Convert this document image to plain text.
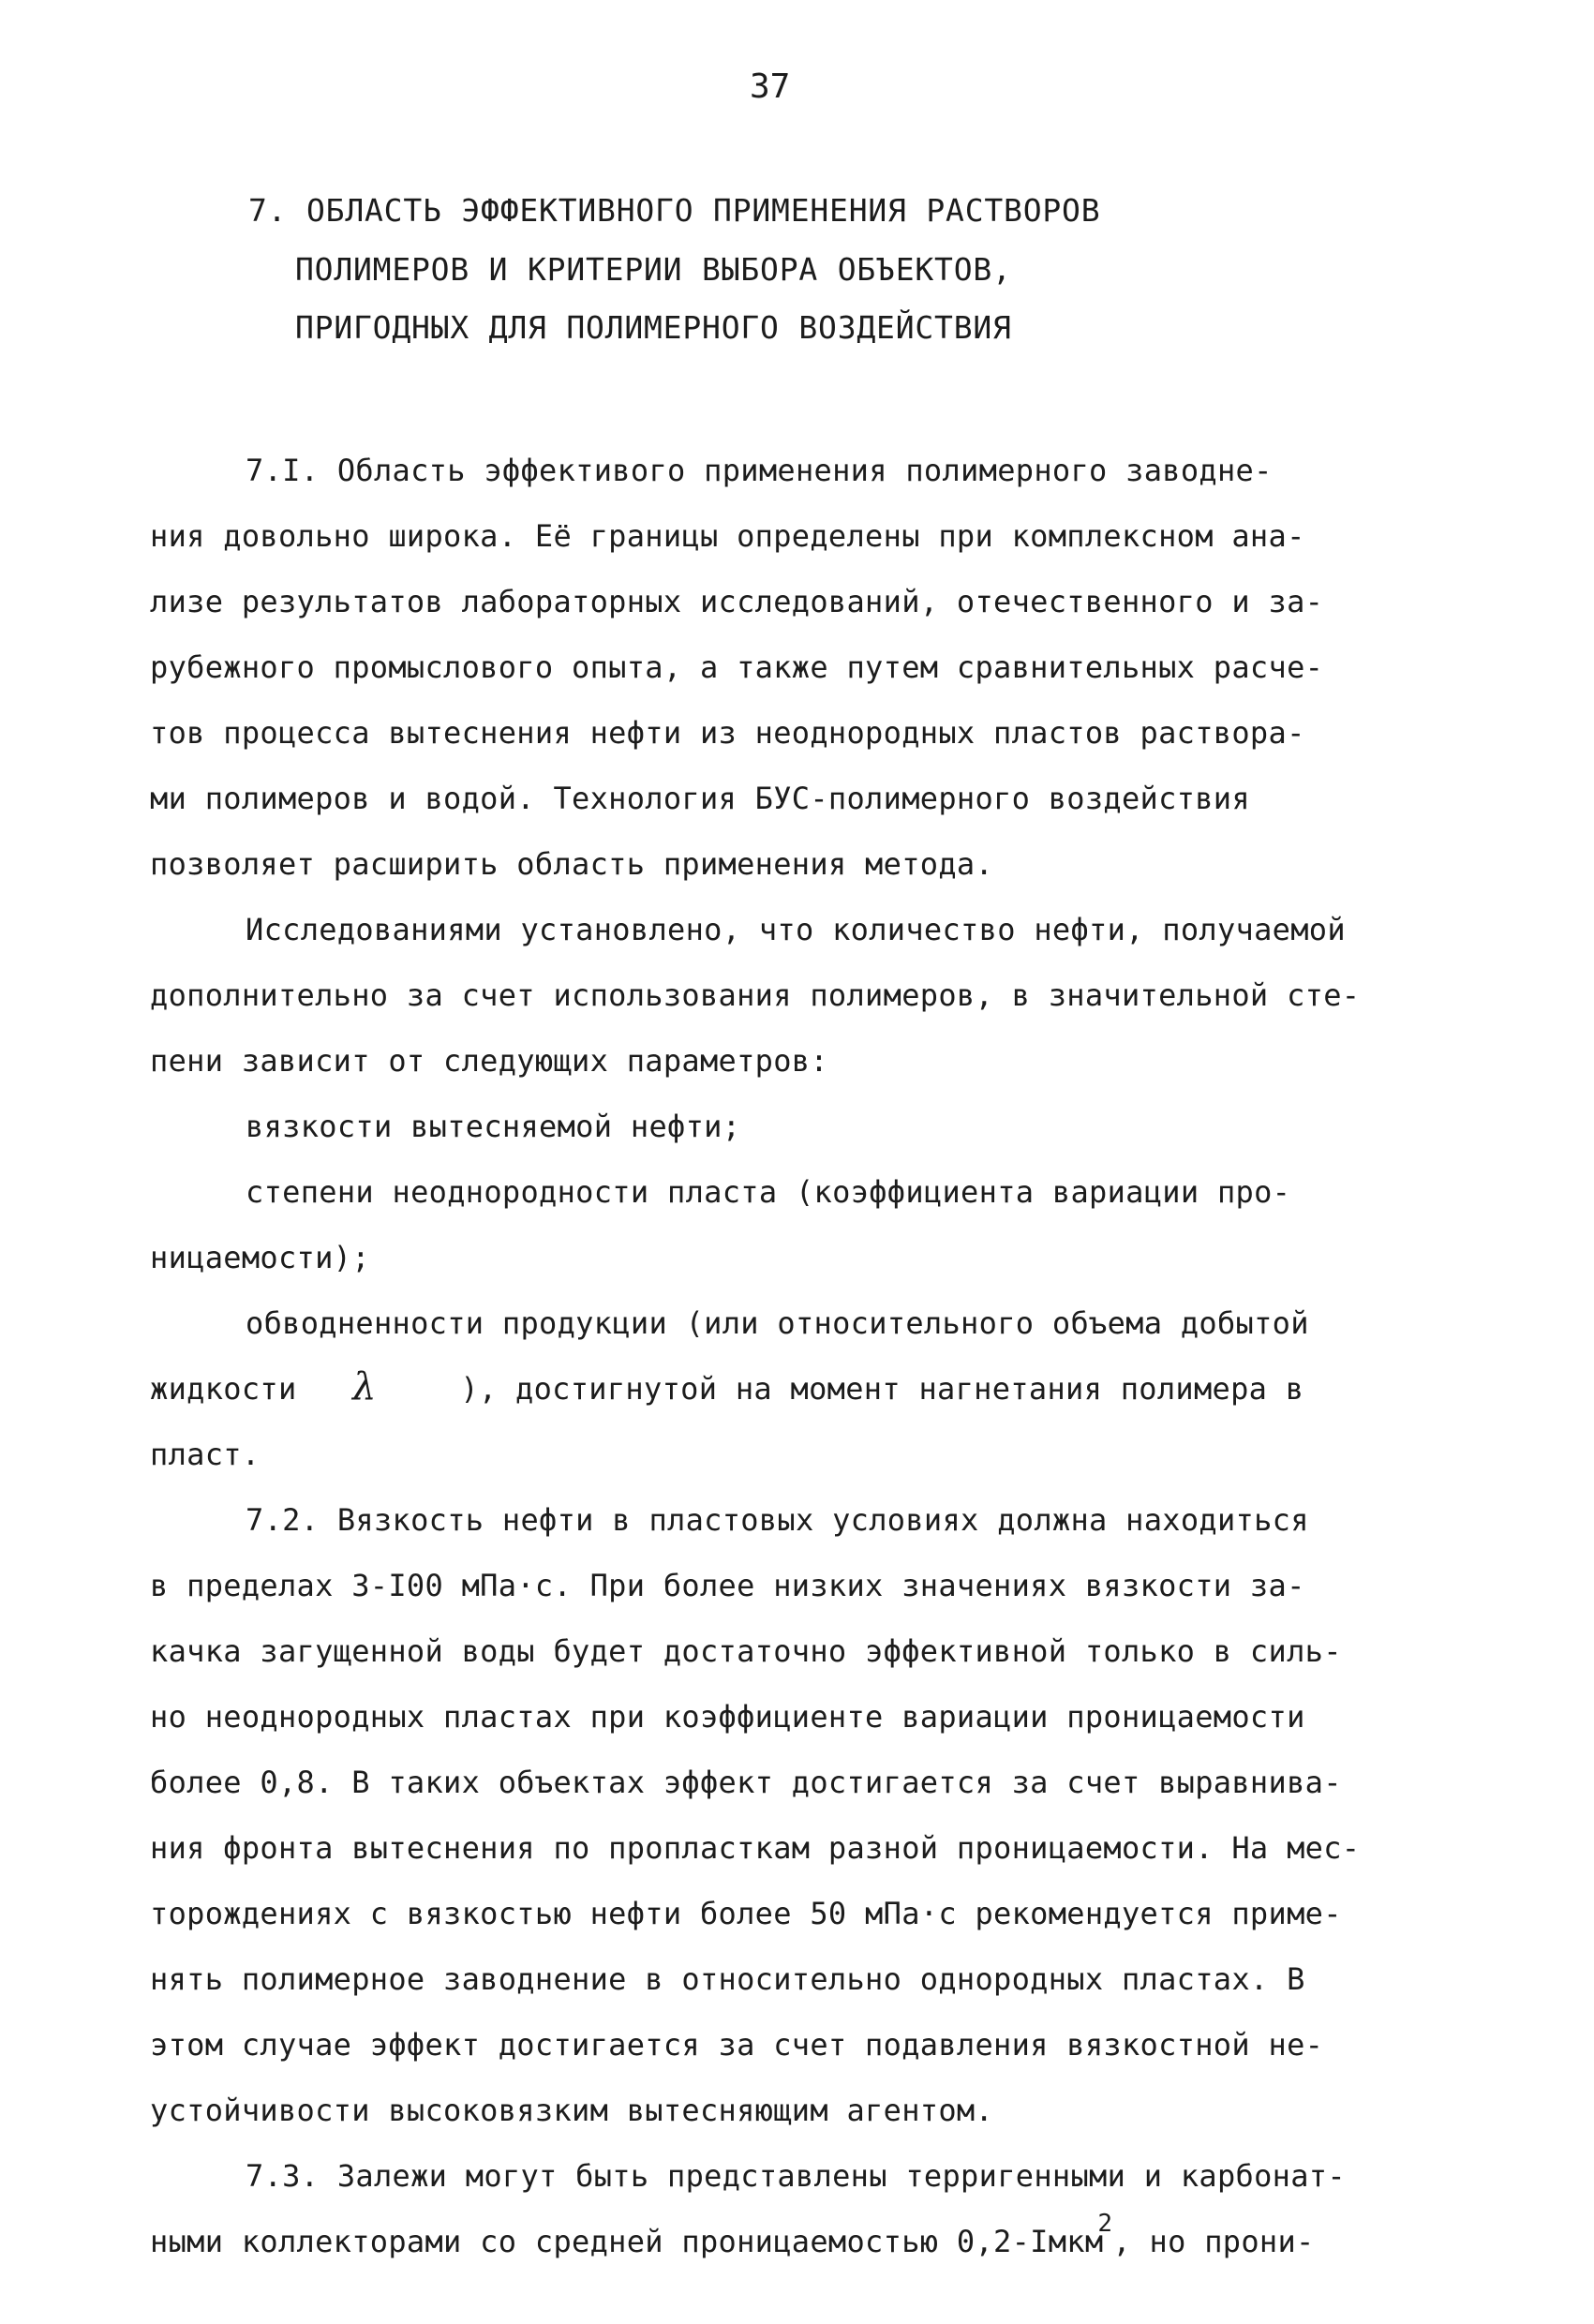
37
7. ОБЛАСТЬ ЭФФЕКТИВНОГО ПРИМЕНЕНИЯ РАСТВОРОВ
ПОЛИМЕРОВ И КРИТЕРИИ ВЫБОРА ОБЪЕКТОВ,
ПРИГОДНЫХ ДЛЯ ПОЛИМЕРНОГО ВОЗДЕЙСТВИЯ
7.I. Область эффективого применения полимерного заводне-
ния довольно широка. Её границы определены при комплексном ана-
лизе результатов лабораторных исследований, отечественного и за-
рубежного промыслового опыта, а также путем сравнительных расче-
тов процесса вытеснения нефти из неоднородных пластов растворa-
ми полимеров и водой. Технология БУС-полимерного воздействия
позволяет расширить область применения метода.
Исследованиями установлено, что количество нефти, получаемой
дополнительно за счет использования полимеров, в значительной сте-
пени зависит от следующих параметров:
вязкости вытесняемой нефти;
степени неоднородности пласта (коэффициента вариации про-
ницаемости);
обводненности продукции (или относительного объема добытой
жидкости λ	), достигнутой на момент нагнетания полимера в
пласт.
7.2. Вязкость нефти в пластовых условиях должна находиться
в пределах 3-I00 мПа·с. При более низких значениях вязкости за-
качка загущенной воды будет достаточно эффективной только в силь-
но неоднородных пластах при коэффициенте вариации проницаемости
более 0,8. В таких объектах эффект достигается за счет выравнива-
ния фронта вытеснения по пропласткам разной проницаемости. На мес-
торождениях с вязкостью нефти более 50 мПа·с рекомендуется приме-
нять полимерное заводнение в относительно однородных пластах. В
этом случае эффект достигается за счет подавления вязкостной не-
устойчивости высоковязким вытесняющим агентом.
7.3. Залежи могут быть представлены терригенными и карбонат-
ными коллекторами со средней проницаемостью 0,2-Iмкм$^2$, но прони-
